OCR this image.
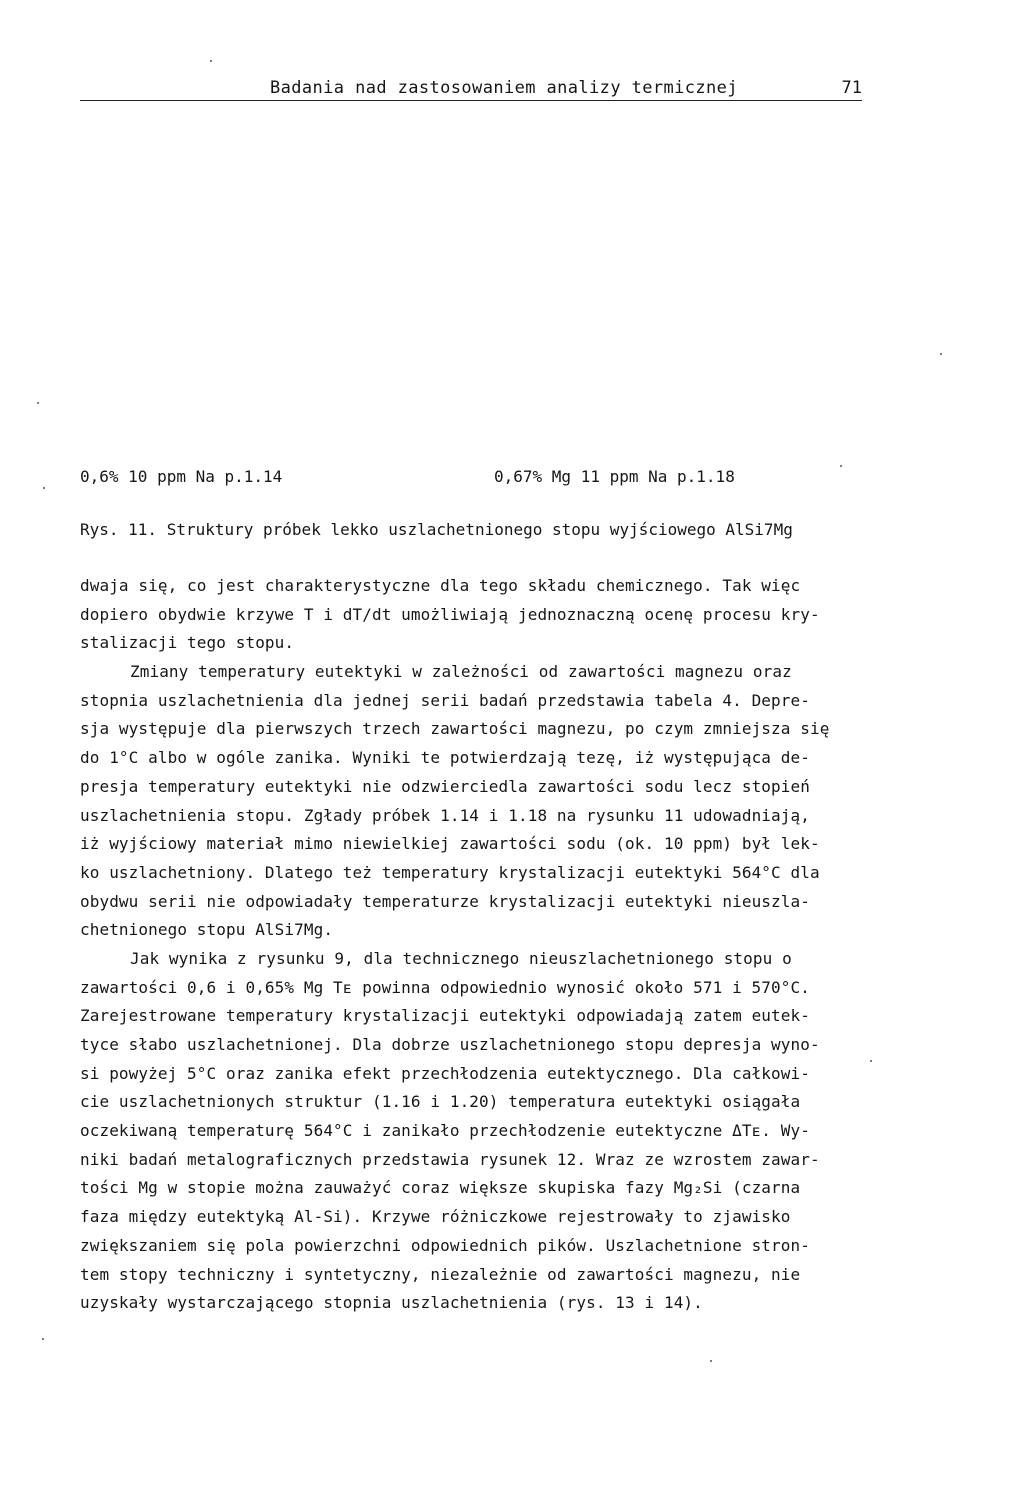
Badania nad zastosowaniem analizy termicznej	71
0,6% 10 ppm Na p.1.14	0,67% Mg 11 ppm Na p.1.18
Rys. 11. Struktury próbek lekko uszlachetnionego stopu wyjściowego AlSi7Mg
dwaja się, co jest charakterystyczne dla tego składu chemicznego. Tak więc
dopiero obydwie krzywe T i dT/dt umożliwiają jednoznaczną ocenę procesu kry-
stalizacji tego stopu.
Zmiany temperatury eutektyki w zależności od zawartości magnezu oraz
stopnia uszlachetnienia dla jednej serii badań przedstawia tabela 4. Depre-
sja występuje dla pierwszych trzech zawartości magnezu, po czym zmniejsza się
do 1°C albo w ogóle zanika. Wyniki te potwierdzają tezę, iż występująca de-
presja temperatury eutektyki nie odzwierciedla zawartości sodu lecz stopień
uszlachetnienia stopu. Zgłady próbek 1.14 i 1.18 na rysunku 11 udowadniają,
iż wyjściowy materiał mimo niewielkiej zawartości sodu (ok. 10 ppm) był lek-
ko uszlachetniony. Dlatego też temperatury krystalizacji eutektyki 564°C dla
obydwu serii nie odpowiadały temperaturze krystalizacji eutektyki nieuszla-
chetnionego stopu AlSi7Mg.
Jak wynika z rysunku 9, dla technicznego nieuszlachetnionego stopu o
zawartości 0,6 i 0,65% Mg Tᴇ powinna odpowiednio wynosić około 571 i 570°C.
Zarejestrowane temperatury krystalizacji eutektyki odpowiadają zatem eutek-
tyce słabo uszlachetnionej. Dla dobrze uszlachetnionego stopu depresja wyno-
si powyżej 5°C oraz zanika efekt przechłodzenia eutektycznego. Dla całkowi-
cie uszlachetnionych struktur (1.16 i 1.20) temperatura eutektyki osiągała
oczekiwaną temperaturę 564°C i zanikało przechłodzenie eutektyczne ΔTᴇ. Wy-
niki badań metalograficznych przedstawia rysunek 12. Wraz ze wzrostem zawar-
tości Mg w stopie można zauważyć coraz większe skupiska fazy Mg₂Si (czarna
faza między eutektyką Al-Si). Krzywe różniczkowe rejestrowały to zjawisko
zwiększaniem się pola powierzchni odpowiednich pików. Uszlachetnione stron-
tem stopy techniczny i syntetyczny, niezależnie od zawartości magnezu, nie
uzyskały wystarczającego stopnia uszlachetnienia (rys. 13 i 14).
